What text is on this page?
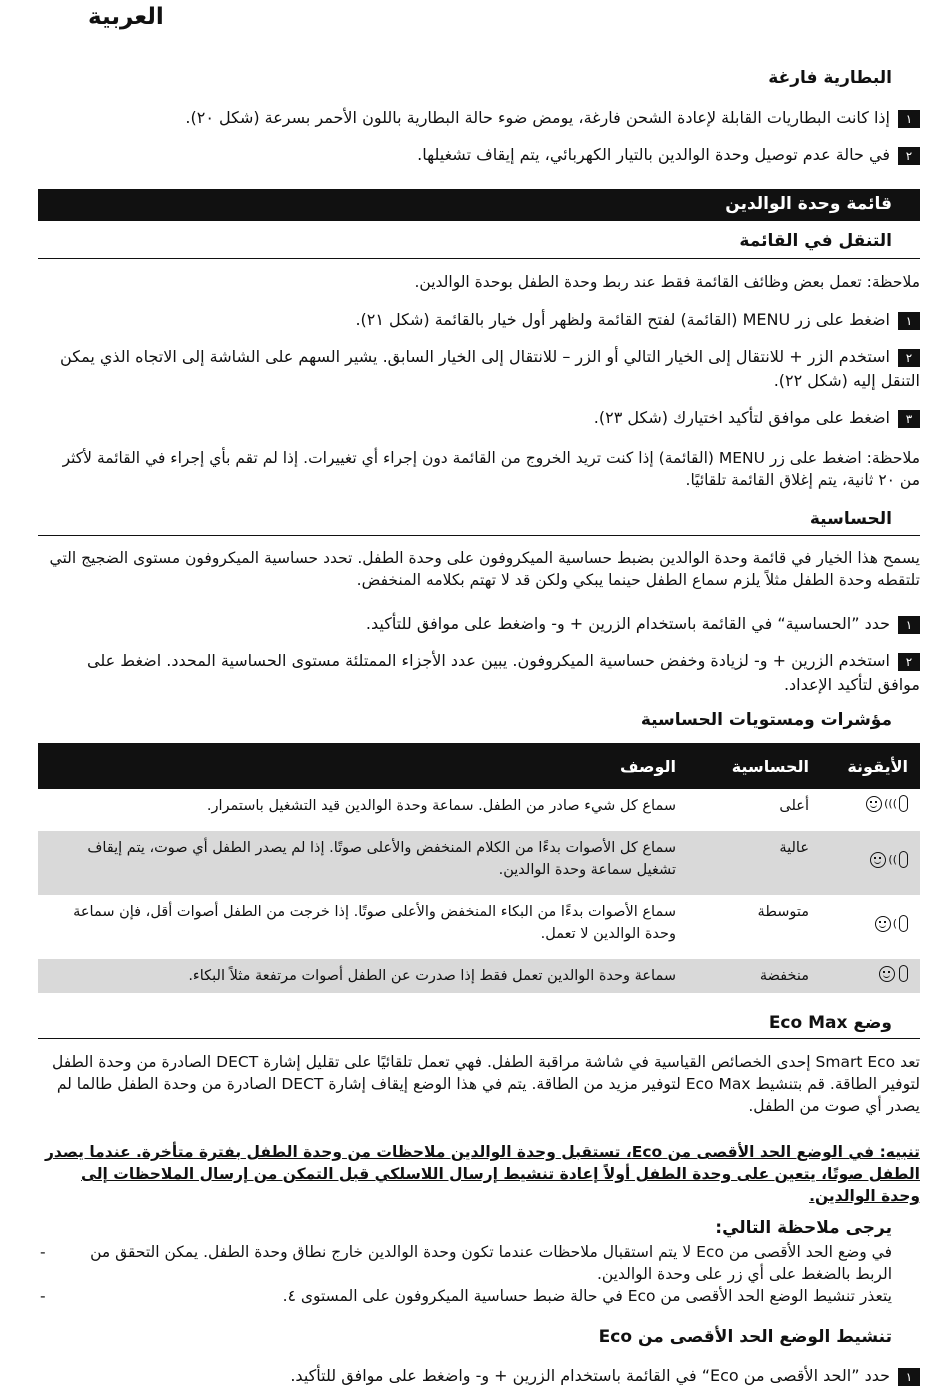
العربية
البطارية فارغة
١إذا كانت البطاريات القابلة لإعادة الشحن فارغة، يومض ضوء حالة البطارية باللون الأحمر بسرعة (شكل ٢٠).
٢في حالة عدم توصيل وحدة الوالدين بالتيار الكهربائي، يتم إيقاف تشغيلها.
قائمة وحدة الوالدين
التنقل في القائمة
ملاحظة: تعمل بعض وظائف القائمة فقط عند ربط وحدة الطفل بوحدة الوالدين.
١اضغط على زر MENU (القائمة) لفتح القائمة ولظهر أول خيار بالقائمة (شكل ٢١).
٢استخدم الزر + للانتقال إلى الخيار التالي أو الزر – للانتقال إلى الخيار السابق. يشير السهم على الشاشة إلى الاتجاه الذي يمكن التنقل إليه (شكل ٢٢).
٣اضغط على موافق لتأكيد اختيارك (شكل ٢٣).
ملاحظة: اضغط على زر MENU (القائمة) إذا كنت تريد الخروج من القائمة دون إجراء أي تغييرات. إذا لم تقم بأي إجراء في القائمة لأكثر من ٢٠ ثانية، يتم إغلاق القائمة تلقائيًا.
الحساسية
يسمح هذا الخيار في قائمة وحدة الوالدين بضبط حساسية الميكروفون على وحدة الطفل. تحدد حساسية الميكروفون مستوى الضجيج التي تلتقطه وحدة الطفل مثلاً يلزم سماع الطفل حينما يبكي ولكن قد لا تهتم بكلامه المنخفض.
١حدد ”الحساسية“ في القائمة باستخدام الزرين + و- واضغط على موافق للتأكيد.
٢استخدم الزرين + و- لزيادة وخفض حساسية الميكروفون. يبين عدد الأجزاء الممتلئة مستوى الحساسية المحدد. اضغط على موافق لتأكيد الإعداد.
مؤشرات ومستويات الحساسية
الأيقونة	الحساسية	الوصف

)))	أعلى	سماع كل شيء صادر من الطفل. سماعة وحدة الوالدين قيد التشغيل باستمرار.

))	عالية	سماع كل الأصوات بدءًا من الكلام المنخفض والأعلى صوتًا. إذا لم يصدر الطفل أي صوت، يتم إيقاف تشغيل سماعة وحدة الوالدين.

)	متوسطة	سماع الأصوات بدءًا من البكاء المنخفض والأعلى صوتًا. إذا خرجت من الطفل أصوات أقل، فإن سماعة وحدة الوالدين لا تعمل.

	منخفضة	سماعة وحدة الوالدين تعمل فقط إذا صدرت عن الطفل أصوات مرتفعة مثلاً البكاء.
وضع Eco Max
تعد Smart Eco إحدى الخصائص القياسية في شاشة مراقبة الطفل. فهي تعمل تلقائيًا على تقليل إشارة DECT الصادرة من وحدة الطفل لتوفير الطاقة. قم بتنشيط Eco Max لتوفير مزيد من الطاقة. يتم في هذا الوضع إيقاف إشارة DECT الصادرة من وحدة الطفل طالما لم يصدر أي صوت من الطفل.
تنبيه: في الوضع الحد الأقصى من Eco، تستقبل وحدة الوالدين ملاحظات من وحدة الطفل بفترة متأخرة. عندما يصدر الطفل صوتًا، يتعين على وحدة الطفل أولاً إعادة تنشيط إرسال اللاسلكي قبل التمكن من إرسال الملاحظات إلى وحدة الوالدين.
يرجى ملاحظة التالي:
- في وضع الحد الأقصى من Eco لا يتم استقبال ملاحظات عندما تكون وحدة الوالدين خارج نطاق وحدة الطفل. يمكن التحقق من الربط بالضغط على أي زر على وحدة الوالدين.
- يتعذر تنشيط الوضع الحد الأقصى من Eco في حالة ضبط حساسية الميكروفون على المستوى ٤.
تنشيط الوضع الحد الأقصى من Eco
١حدد ”الحد الأقصى من Eco“ في القائمة باستخدام الزرين + و- واضغط على موافق للتأكيد.
